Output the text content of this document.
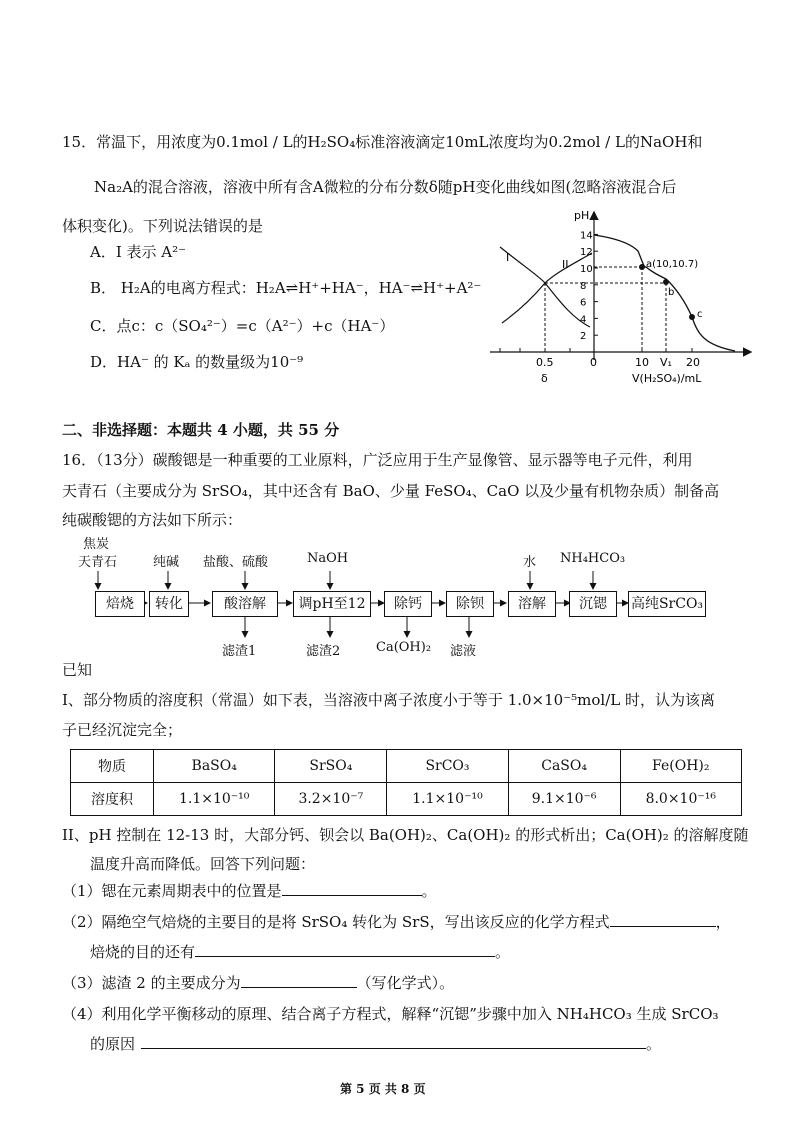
15．常温下，用浓度为0.1mol / L的H₂SO₄标准溶液滴定10mL浓度均为0.2mol / L的NaOH和
Na₂A的混合溶液，溶液中所有含A微粒的分布分数δ随pH变化曲线如图(忽略溶液混合后
体积变化)。下列说法错误的是
A．I 表示 A²⁻
B． H₂A的电离方程式：H₂A⇌H⁺+HA⁻，HA⁻⇌H⁺+A²⁻
C．点c：c（SO₄²⁻）=c（A²⁻）+c（HA⁻）
D．HA⁻ 的 Kₐ 的数量级为10⁻⁹
pH
2
4
6
8
10
12
14
I
II	a(10,10.7)
b
c
0.5
δ
0	10 V₁ 20
V(H₂SO₄)/mL
二、非选择题：本题共 4 小题，共 55 分
16．（13分）碳酸锶是一种重要的工业原料，广泛应用于生产显像管、显示器等电子元件，利用
天青石（主要成分为 SrSO₄，其中还含有 BaO、少量 FeSO₄、CaO 以及少量有机物杂质）制备高
纯碳酸锶的方法如下所示：
焦炭
天青石	纯碱 盐酸、硫酸	NaOH	水 NH₄HCO₃
焙烧	转化	酸溶解	调pH至12	除钙	除钡	溶解	沉锶	高纯SrCO₃
滤渣1	滤渣2	Ca(OH)₂ 滤液
已知
I、部分物质的溶度积（常温）如下表，当溶液中离子浓度小于等于 1.0×10⁻⁵mol/L 时，认为该离
子已经沉淀完全；
物质	BaSO₄	SrSO₄	SrCO₃	CaSO₄	Fe(OH)₂
溶度积	1.1×10⁻¹⁰	3.2×10⁻⁷	1.1×10⁻¹⁰	9.1×10⁻⁶	8.0×10⁻¹⁶
II、pH 控制在 12-13 时，大部分钙、钡会以 Ba(OH)₂、Ca(OH)₂ 的形式析出；Ca(OH)₂ 的溶解度随
温度升高而降低。回答下列问题：
（1）锶在元素周期表中的位置是	。
（2）隔绝空气焙烧的主要目的是将 SrSO₄ 转化为 SrS，写出该反应的化学方程式	，
焙烧的目的还有	。
（3）滤渣 2 的主要成分为	（写化学式）。
（4）利用化学平衡移动的原理、结合离子方程式，解释“沉锶”步骤中加入 NH₄HCO₃ 生成 SrCO₃
的原因	。
第 5 页 共 8 页
